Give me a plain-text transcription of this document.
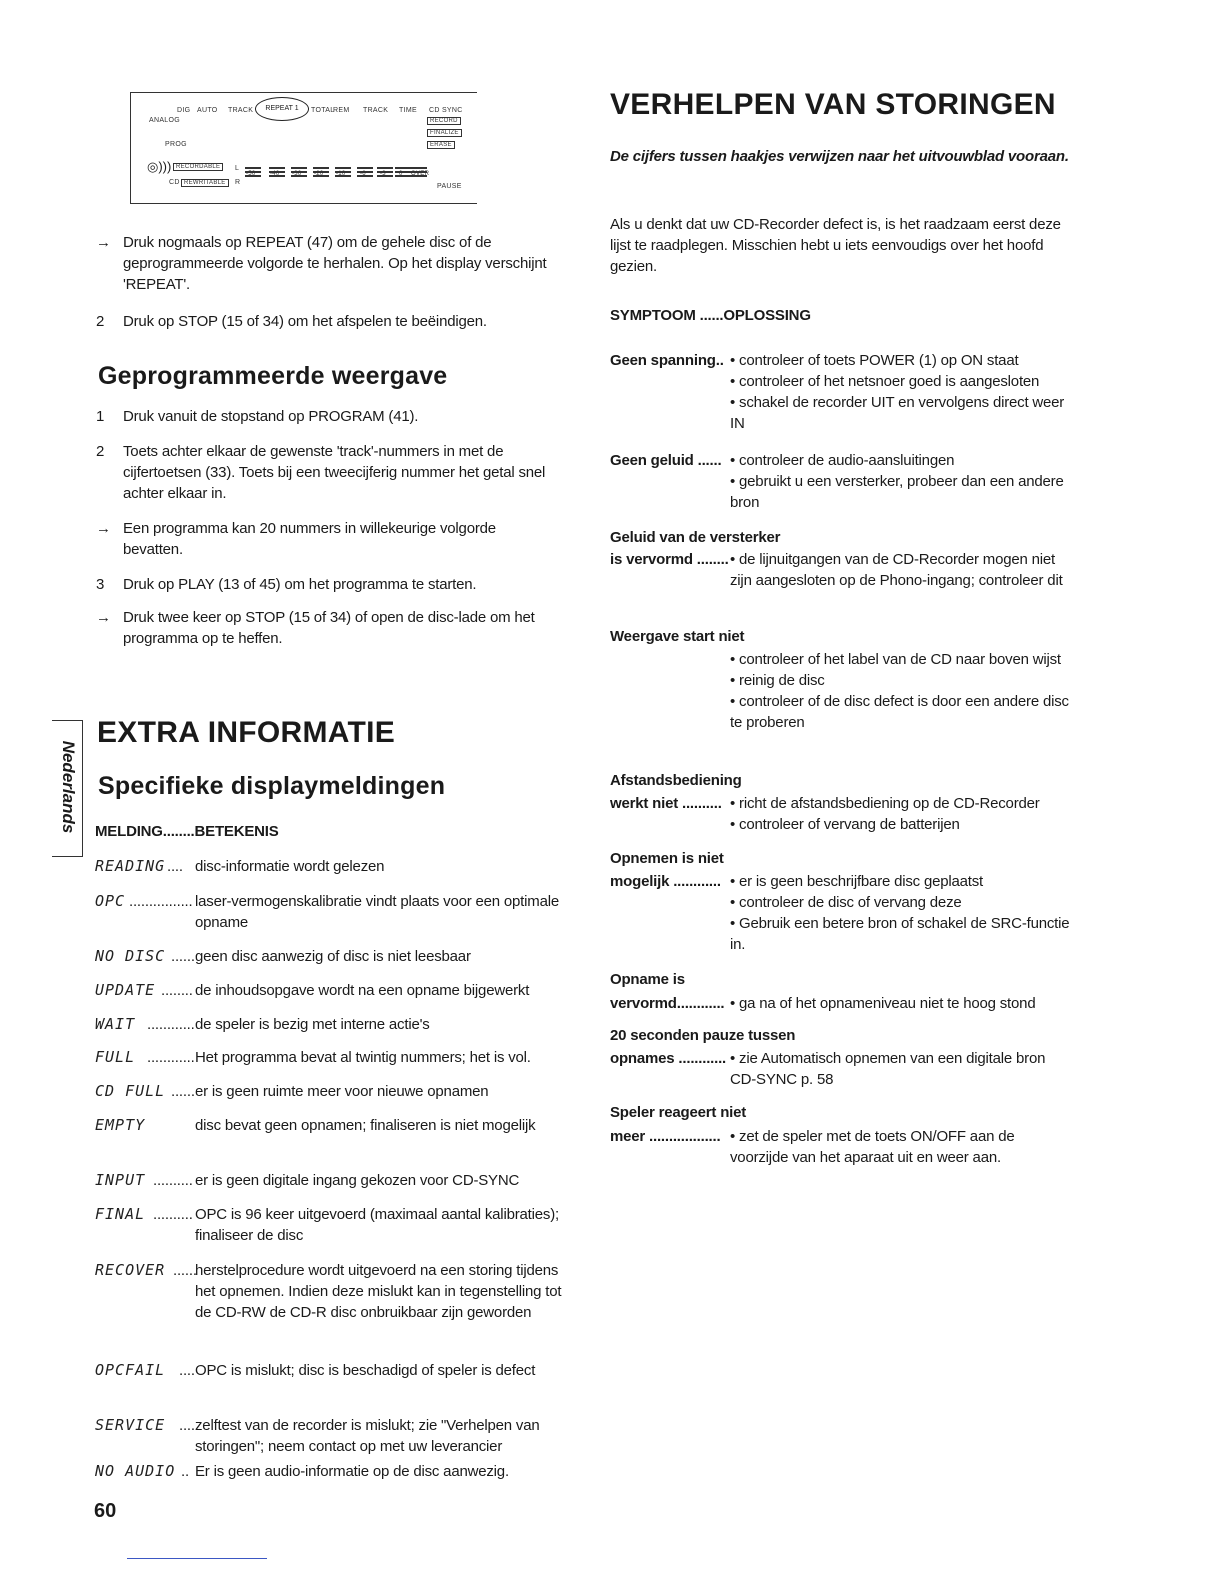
DIG AUTO TRACK	REPEAT 1	TOTAL
REM TRACK TIME CD SYNC
ANALOG	RECORD
FINALIZE
ERASE
PROG
◎))) RECORDABLE
CD REWRITABLE
L
R
-50 -40 -30 -20 -10 -6 -3 0 OVER
PAUSE
→ Druk nogmaals op REPEAT (47) om de gehele disc of de geprogrammeerde volgorde te herhalen. Op het display verschijnt 'REPEAT'.
2	Druk op STOP (15 of 34) om het afspelen te beëindigen.
Geprogrammeerde weergave
1	Druk vanuit de stopstand op PROGRAM (41).
2	Toets achter elkaar de gewenste 'track'-nummers in met de cijfertoetsen (33). Toets bij een tweecijferig nummer het getal snel achter elkaar in.
→ Een programma kan 20 nummers in willekeurige volgorde bevatten.
3	Druk op PLAY (13 of 45) om het programma te starten.
→ Druk twee keer op STOP (15 of 34) of open de disc-lade om het programma op te heffen.
Nederlands
EXTRA INFORMATIE
Specifieke displaymeldingen
MELDING........BETEKENIS
READING .... disc-informatie wordt gelezen
OPC ................ laser-vermogenskalibratie vindt plaats voor een optimale opname
NO DISC ...... geen disc aanwezig of disc is niet leesbaar
UPDATE ........ de inhoudsopgave wordt na een opname bijgewerkt
WAIT ............ de speler is bezig met interne actie's
FULL ............ Het programma bevat al twintig nummers; het is vol.
CD FULL ...... er is geen ruimte meer voor nieuwe opnamen
EMPTY	disc bevat geen opnamen; finaliseren is niet mogelijk
INPUT .......... er is geen digitale ingang gekozen voor CD-SYNC
FINAL .......... OPC is 96 keer uitgevoerd (maximaal aantal kalibraties); finaliseer de disc
RECOVER ......
herstelprocedure wordt uitgevoerd na een storing tijdens het opnemen. Indien deze mislukt kan in tegenstelling tot de CD-RW de CD-R disc onbruikbaar zijn geworden
OPCFAIL .... OPC is mislukt; disc is beschadigd of speler is defect
SERVICE .... zelftest van de recorder is mislukt; zie "Verhelpen van storingen"; neem contact op met uw leverancier
NO AUDIO .. Er is geen audio-informatie op de disc aanwezig.
60
VERHELPEN VAN STORINGEN
De cijfers tussen haakjes verwijzen naar het uitvouwblad vooraan.
Als u denkt dat uw CD-Recorder defect is, is het raadzaam eerst deze lijst te raadplegen. Misschien hebt u iets eenvoudigs over het hoofd gezien.
SYMPTOOM ......OPLOSSING
Geen spanning.. • controleer of toets POWER (1) op ON staat
• controleer of het netsnoer goed is aangesloten
• schakel de recorder UIT en vervolgens direct weer IN
Geen geluid ...... • controleer de audio-aansluitingen
• gebruikt u een versterker, probeer dan een andere bron
Geluid van de versterker
is vervormd ........ • de lijnuitgangen van de CD-Recorder mogen niet zijn aangesloten op de Phono-ingang; controleer dit
Weergave start niet
• controleer of het label van de CD naar boven wijst
• reinig de disc
• controleer of de disc defect is door een andere disc te proberen
Afstandsbediening
werkt niet .......... • richt de afstandsbediening op de CD-Recorder
• controleer of vervang de batterijen
Opnemen is niet
mogelijk ............ • er is geen beschrijfbare disc geplaatst
• controleer de disc of vervang deze
• Gebruik een betere bron of schakel de SRC-functie in.
Opname is
vervormd............ • ga na of het opnameniveau niet te hoog stond
20 seconden pauze tussen
opnames ............ • zie Automatisch opnemen van een digitale bron CD-SYNC p. 58
Speler reageert niet
meer .................. • zet de speler met de toets ON/OFF aan de voorzijde van het aparaat uit en weer aan.
